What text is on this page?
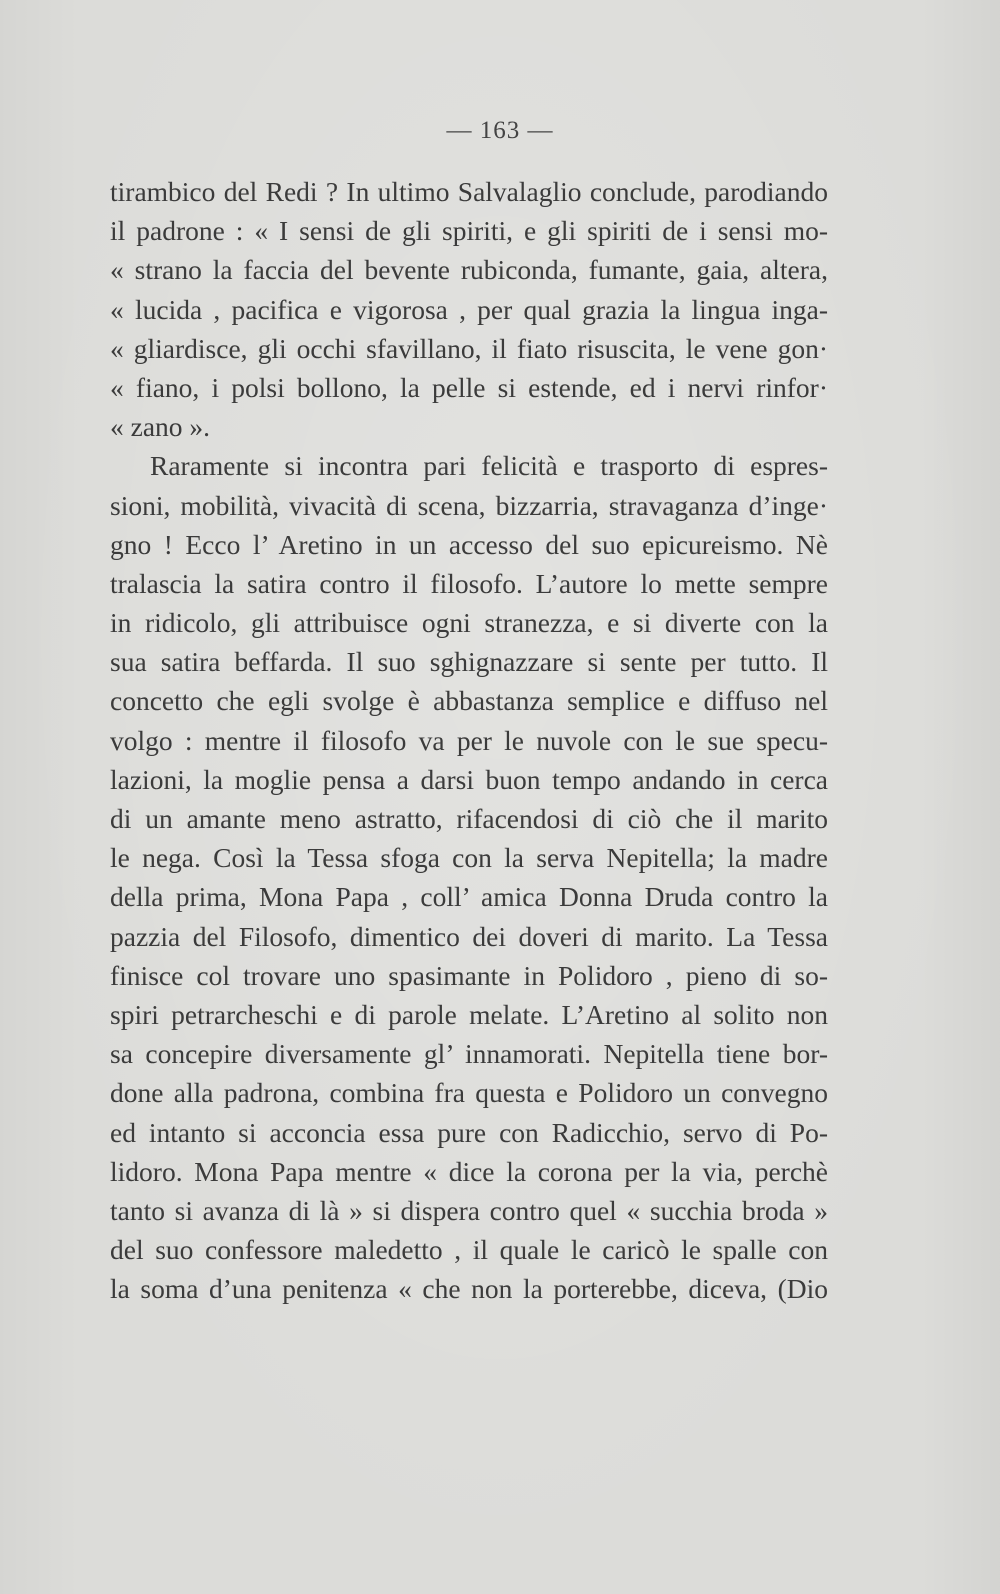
— 163 —
tirambico del Redi ? In ultimo Salvalaglio conclude, parodiando
il padrone : « I sensi de gli spiriti, e gli spiriti de i sensi mo-
« strano la faccia del bevente rubiconda, fumante, gaia, altera,
« lucida , pacifica e vigorosa , per qual grazia la lingua inga-
« gliardisce, gli occhi sfavillano, il fiato risuscita, le vene gon·
« fiano, i polsi bollono, la pelle si estende, ed i nervi rinfor·
« zano ».
Raramente si incontra pari felicità e trasporto di espres-
sioni, mobilità, vivacità di scena, bizzarria, stravaganza d’inge·
gno ! Ecco l’ Aretino in un accesso del suo epicureismo. Nè
tralascia la satira contro il filosofo. L’autore lo mette sempre
in ridicolo, gli attribuisce ogni stranezza, e si diverte con la
sua satira beffarda. Il suo sghignazzare si sente per tutto. Il
concetto che egli svolge è abbastanza semplice e diffuso nel
volgo : mentre il filosofo va per le nuvole con le sue specu-
lazioni, la moglie pensa a darsi buon tempo andando in cerca
di un amante meno astratto, rifacendosi di ciò che il marito
le nega. Così la Tessa sfoga con la serva Nepitella; la madre
della prima, Mona Papa , coll’ amica Donna Druda contro la
pazzia del Filosofo, dimentico dei doveri di marito. La Tessa
finisce col trovare uno spasimante in Polidoro , pieno di so-
spiri petrarcheschi e di parole melate. L’Aretino al solito non
sa concepire diversamente gl’ innamorati. Nepitella tiene bor-
done alla padrona, combina fra questa e Polidoro un convegno
ed intanto si acconcia essa pure con Radicchio, servo di Po-
lidoro. Mona Papa mentre « dice la corona per la via, perchè
tanto si avanza di là » si dispera contro quel « succhia broda »
del suo confessore maledetto , il quale le caricò le spalle con
la soma d’una penitenza « che non la porterebbe, diceva, (Dio
